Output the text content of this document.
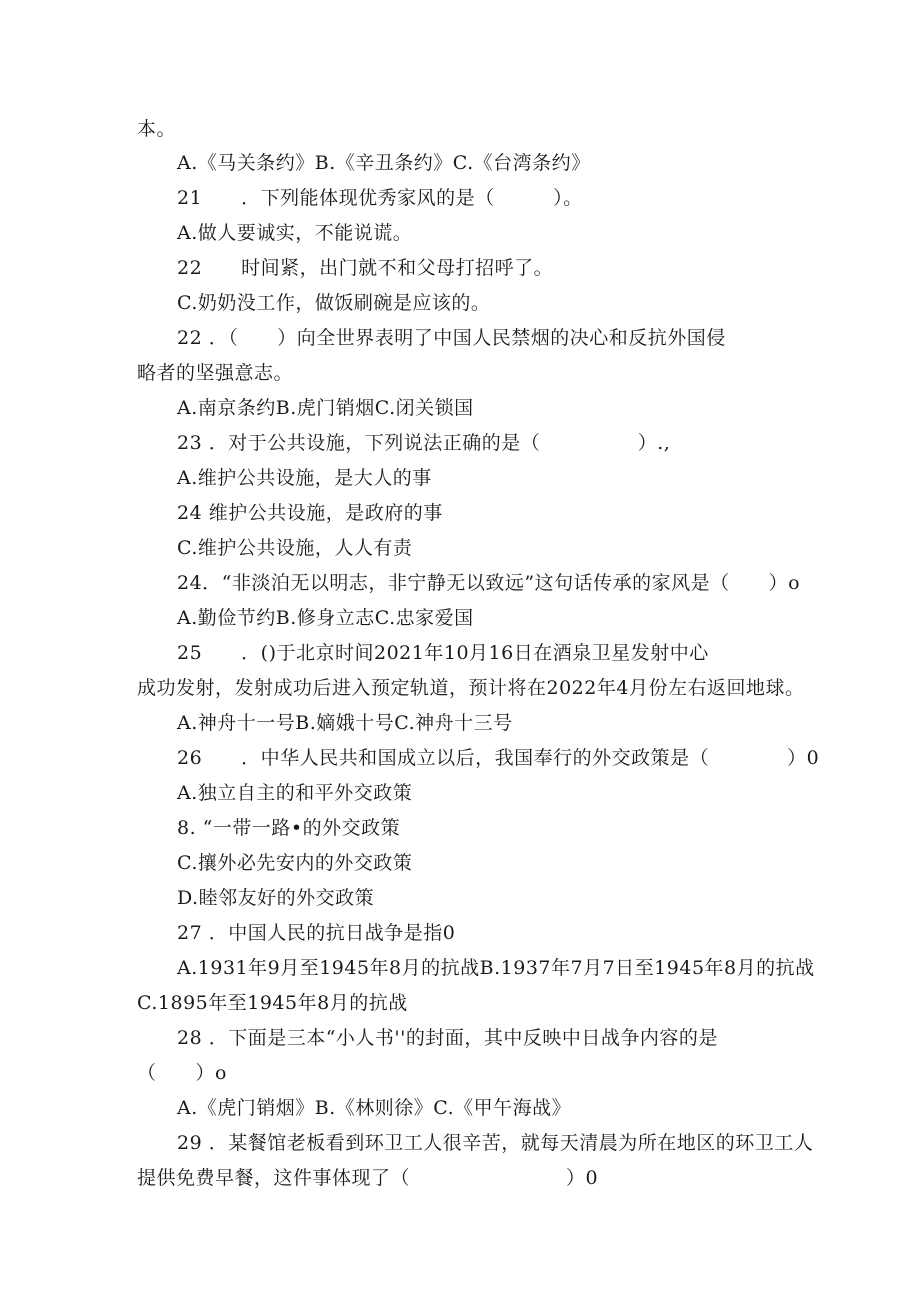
本。
A.《马关条约》B.《辛丑条约》C.《台湾条约》
21　　．下列能体现优秀家风的是（　　　）。
A.做人要诚实，不能说谎。
22　　时间紧，出门就不和父母打招呼了。
C.奶奶没工作，做饭刷碗是应该的。
22 ．（　　）向全世界表明了中国人民禁烟的决心和反抗外国侵
略者的坚强意志。
A.南京条约B.虎门销烟C.闭关锁国
23 ．对于公共设施，下列说法正确的是（　　　　　）.,
A.维护公共设施，是大人的事
24 维护公共设施，是政府的事
C.维护公共设施，人人有责
24．“非淡泊无以明志，非宁静无以致远”这句话传承的家风是（　　）o
A.勤俭节约B.修身立志C.忠家爱国
25　　．()于北京时间2021年10月16日在酒泉卫星发射中心
成功发射，发射成功后进入预定轨道，预计将在2022年4月份左右返回地球。
A.神舟十一号B.嫡娥十号C.神舟十三号
26　　．中华人民共和国成立以后，我国奉行的外交政策是（　　　　）0
A.独立自主的和平外交政策
8. “一带一路•的外交政策
C.攘外必先安内的外交政策
D.睦邻友好的外交政策
27 ．中国人民的抗日战争是指0
A.1931年9月至1945年8月的抗战B.1937年7月7日至1945年8月的抗战
C.1895年至1945年8月的抗战
28 ．下面是三本“小人书''的封面，其中反映中日战争内容的是
（　　）o
A.《虎门销烟》B.《林则徐》C.《甲午海战》
29 ．某餐馆老板看到环卫工人很辛苦，就每天清晨为所在地区的环卫工人
提供免费早餐，这件事体现了（　　　　　　　　）0
